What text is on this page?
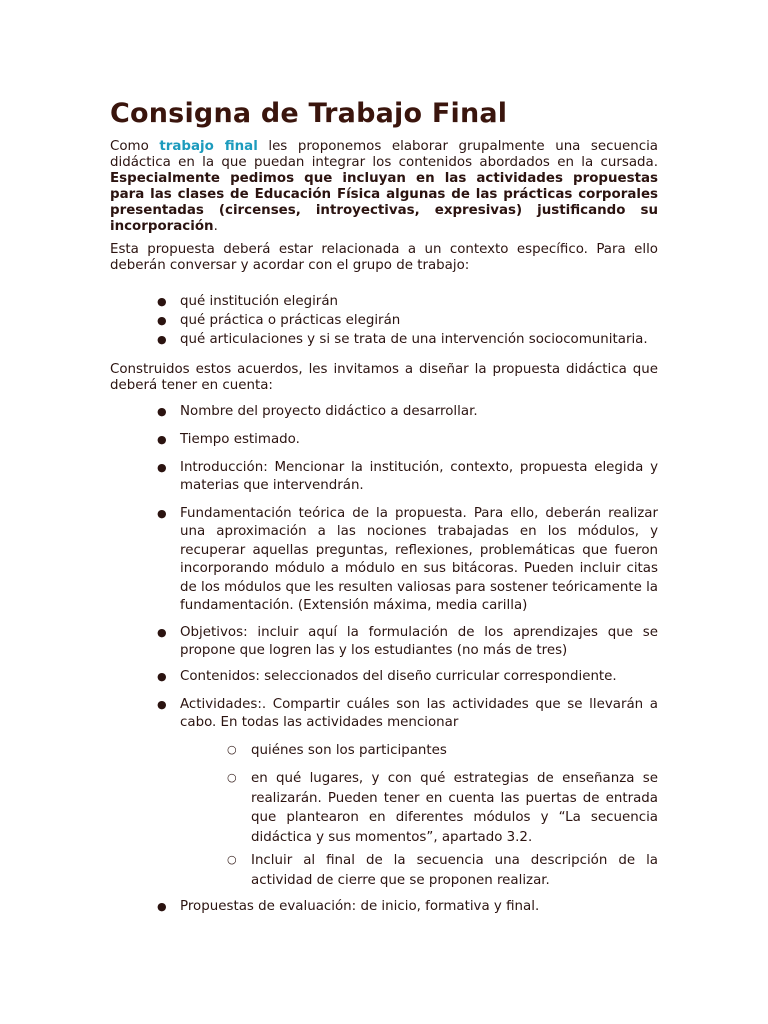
Consigna de Trabajo Final

Como trabajo final les proponemos elaborar grupalmente una secuencia didáctica en la que puedan integrar los contenidos abordados en la cursada. Especialmente pedimos que incluyan en las actividades propuestas para las clases de Educación Física algunas de las prácticas corporales presentadas (circenses, introyectivas, expresivas) justificando su incorporación.

Esta propuesta deberá estar relacionada a un contexto específico. Para ello deberán conversar y acordar con el grupo de trabajo:

● qué institución elegirán
● qué práctica o prácticas elegirán
● qué articulaciones y si se trata de una intervención sociocomunitaria.

Construidos estos acuerdos, les invitamos a diseñar la propuesta didáctica que deberá tener en cuenta:

● Nombre del proyecto didáctico a desarrollar.

● Tiempo estimado.

● Introducción: Mencionar la institución, contexto, propuesta elegida y materias que intervendrán.

● Fundamentación teórica de la propuesta. Para ello, deberán realizar una aproximación a las nociones trabajadas en los módulos, y recuperar aquellas preguntas, reflexiones, problemáticas que fueron incorporando módulo a módulo en sus bitácoras. Pueden incluir citas de los módulos que les resulten valiosas para sostener teóricamente la fundamentación. (Extensión máxima, media carilla)

● Objetivos: incluir aquí la formulación de los aprendizajes que se propone que logren las y los estudiantes (no más de tres)

● Contenidos: seleccionados del diseño curricular correspondiente.

● Actividades:. Compartir cuáles son las actividades que se llevarán a cabo. En todas las actividades mencionar

○ quiénes son los participantes

○ en qué lugares, y con qué estrategias de enseñanza se realizarán. Pueden tener en cuenta las puertas de entrada que plantearon en diferentes módulos y “La secuencia didáctica y sus momentos”, apartado 3.2.

○ Incluir al final de la secuencia una descripción de la actividad de cierre que se proponen realizar.

● Propuestas de evaluación: de inicio, formativa y final.
